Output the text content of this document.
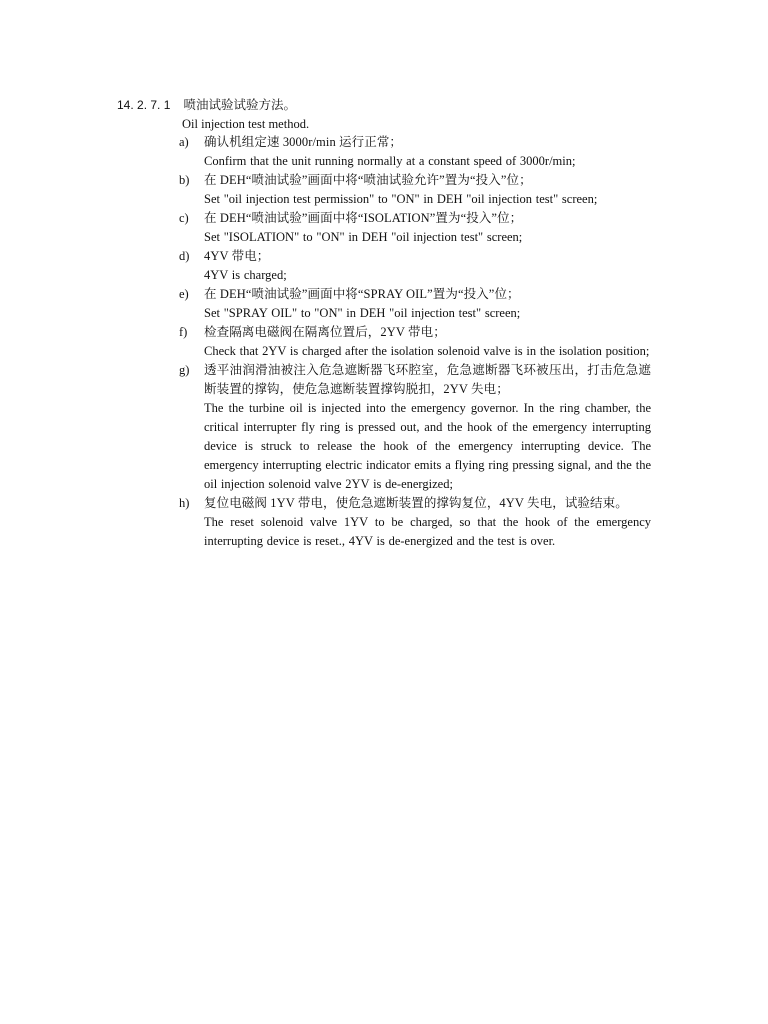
14. 2. 7. 1 喷油试验试验方法。
Oil injection test method.
a)	确认机组定速 3000r/min 运行正常；
Confirm that the unit running normally at a constant speed of 3000r/min;
b)	在 DEH“喷油试验”画面中将“喷油试验允许”置为“投入”位；
Set "oil injection test permission" to "ON" in DEH "oil injection test" screen;
c)	在 DEH“喷油试验”画面中将“ISOLATION”置为“投入”位；
Set "ISOLATION" to "ON" in DEH "oil injection test" screen;
d)	4YV 带电；
4YV is charged;
e)	在 DEH“喷油试验”画面中将“SPRAY OIL”置为“投入”位；
Set "SPRAY OIL" to "ON" in DEH "oil injection test" screen;
f)	检查隔离电磁阀在隔离位置后，2YV 带电；
Check that 2YV is charged after the isolation solenoid valve is in the isolation position;
g)	透平油润滑油被注入危急遮断器飞环腔室，危急遮断器飞环被压出，打击危急遮断装置的撑钩，使危急遮断装置撑钩脱扣，2YV 失电；
The the turbine oil is injected into the emergency governor. In the ring chamber, the critical interrupter fly ring is pressed out, and the hook of the emergency interrupting device is struck to release the hook of the emergency interrupting device. The emergency interrupting electric indicator emits a flying ring pressing signal, and the the oil injection solenoid valve 2YV is de-energized;
h)	复位电磁阀 1YV 带电，使危急遮断装置的撑钩复位，4YV 失电，试验结束。
The reset solenoid valve 1YV to be charged, so that the hook of the emergency interrupting device is reset., 4YV is de-energized and the test is over.
